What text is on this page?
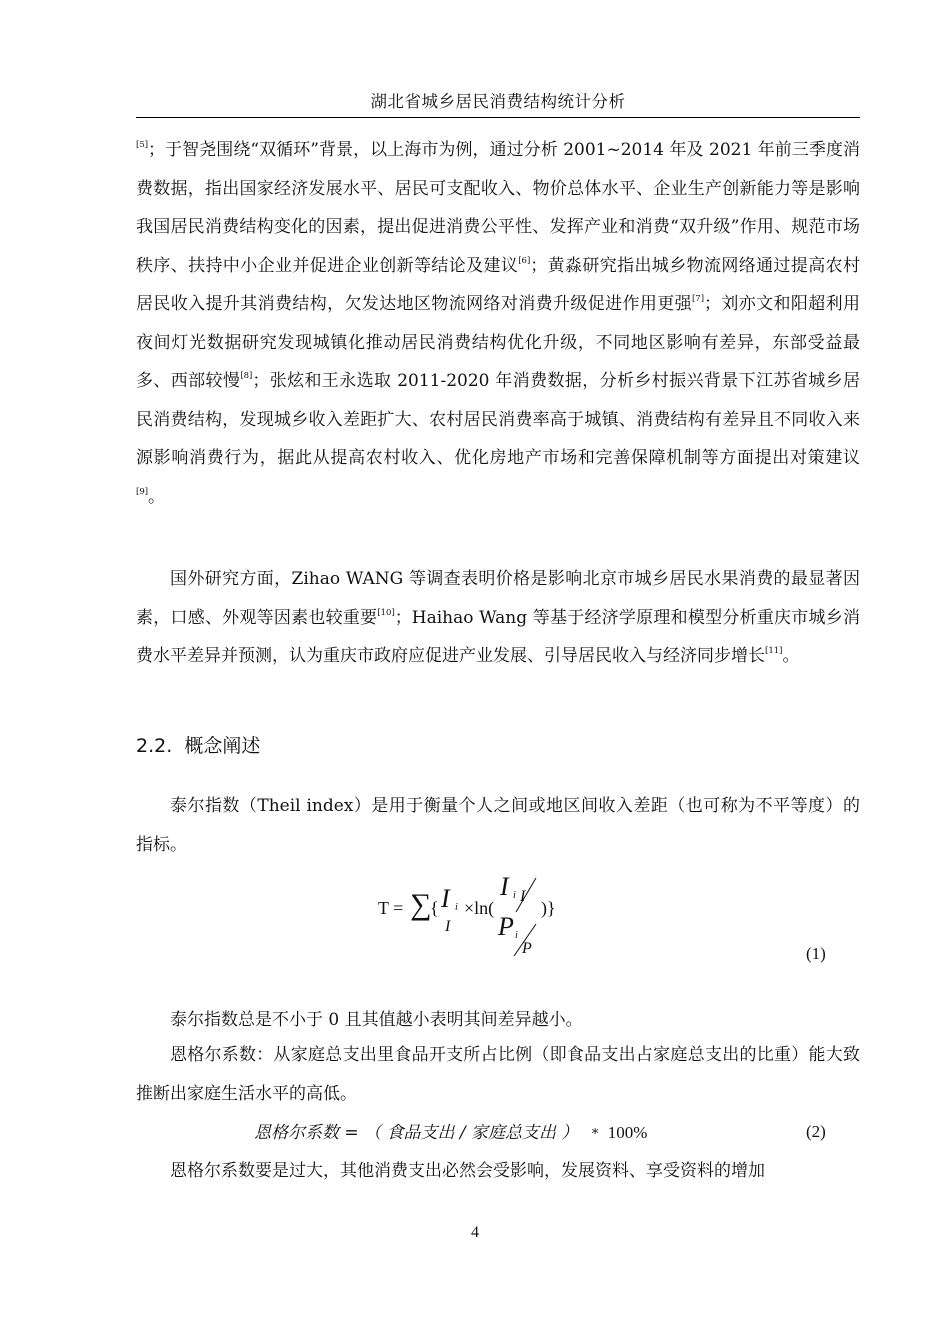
湖北省城乡居民消费结构统计分析

[5]；于智尧围绕“双循环”背景，以上海市为例，通过分析 2001~2014 年及 2021 年前三季度消费数据，指出国家经济发展水平、居民可支配收入、物价总体水平、企业生产创新能力等是影响我国居民消费结构变化的因素，提出促进消费公平性、发挥产业和消费“双升级”作用、规范市场秩序、扶持中小企业并促进企业创新等结论及建议[6]；黄淼研究指出城乡物流网络通过提高农村居民收入提升其消费结构，欠发达地区物流网络对消费升级促进作用更强[7]；刘亦文和阳超利用夜间灯光数据研究发现城镇化推动居民消费结构优化升级，不同地区影响有差异，东部受益最多、西部较慢[8]；张炫和王永选取 2011-2020 年消费数据，分析乡村振兴背景下江苏省城乡居民消费结构，发现城乡收入差距扩大、农村居民消费率高于城镇、消费结构有差异且不同收入来源影响消费行为，据此从提高农村收入、优化房地产市场和完善保障机制等方面提出对策建议[9]。

国外研究方面，Zihao WANG 等调查表明价格是影响北京市城乡居民水果消费的最显著因素，口感、外观等因素也较重要[10]；Haihao Wang 等基于经济学原理和模型分析重庆市城乡消费水平差异并预测，认为重庆市政府应促进产业发展、引导居民收入与经济同步增长[11]。

2.2. 概念阐述

泰尔指数（Theil index）是用于衡量个人之间或地区间收入差距（也可称为不平等度）的指标。

T = ∑
{ I i
I
×ln(
I i I
P i
P
)}
(1)

泰尔指数总是不小于 0 且其值越小表明其间差异越小。

恩格尔系数：从家庭总支出里食品开支所占比例（即食品支出占家庭总支出的比重）能大致推断出家庭生活水平的高低。

恩格尔系数 = （ 食品支出 / 家庭总支出 ） * 100%	(2)

恩格尔系数要是过大，其他消费支出必然会受影响，发展资料、享受资料的增加

4
